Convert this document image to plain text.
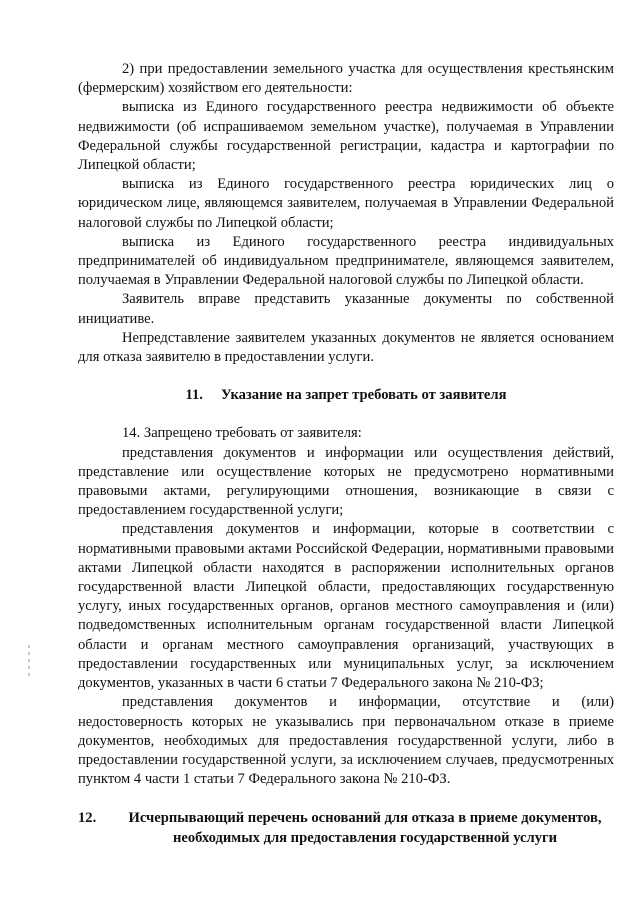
2) при предоставлении земельного участка для осуществления крестьянским (фермерским) хозяйством его деятельности:

выписка из Единого государственного реестра недвижимости об объекте недвижимости (об испрашиваемом земельном участке), получаемая в Управлении Федеральной службы государственной регистрации, кадастра и картографии по Липецкой области;

выписка из Единого государственного реестра юридических лиц о юридическом лице, являющемся заявителем, получаемая в Управлении Федеральной налоговой службы по Липецкой области;

выписка из Единого государственного реестра индивидуальных предпринимателей об индивидуальном предпринимателе, являющемся заявителем, получаемая в Управлении Федеральной налоговой службы по Липецкой области.

Заявитель вправе представить указанные документы по собственной инициативе.

Непредставление заявителем указанных документов не является основанием для отказа заявителю в предоставлении услуги.

11. Указание на запрет требовать от заявителя

14. Запрещено требовать от заявителя:

представления документов и информации или осуществления действий, представление или осуществление которых не предусмотрено нормативными правовыми актами, регулирующими отношения, возникающие в связи с предоставлением государственной услуги;

представления документов и информации, которые в соответствии с нормативными правовыми актами Российской Федерации, нормативными правовыми актами Липецкой области находятся в распоряжении исполнительных органов государственной власти Липецкой области, предоставляющих государственную услугу, иных государственных органов, органов местного самоуправления и (или) подведомственных исполнительным органам государственной власти Липецкой области и органам местного самоуправления организаций, участвующих в предоставлении государственных или муниципальных услуг, за исключением документов, указанных в части 6 статьи 7 Федерального закона № 210-ФЗ;

представления документов и информации, отсутствие и (или) недостоверность которых не указывались при первоначальном отказе в приеме документов, необходимых для предоставления государственной услуги, либо в предоставлении государственной услуги, за исключением случаев, предусмотренных пунктом 4 части 1 статьи 7 Федерального закона № 210-ФЗ.

12.	Исчерпывающий перечень оснований для отказа в приеме документов, необходимых для предоставления государственной услуги
